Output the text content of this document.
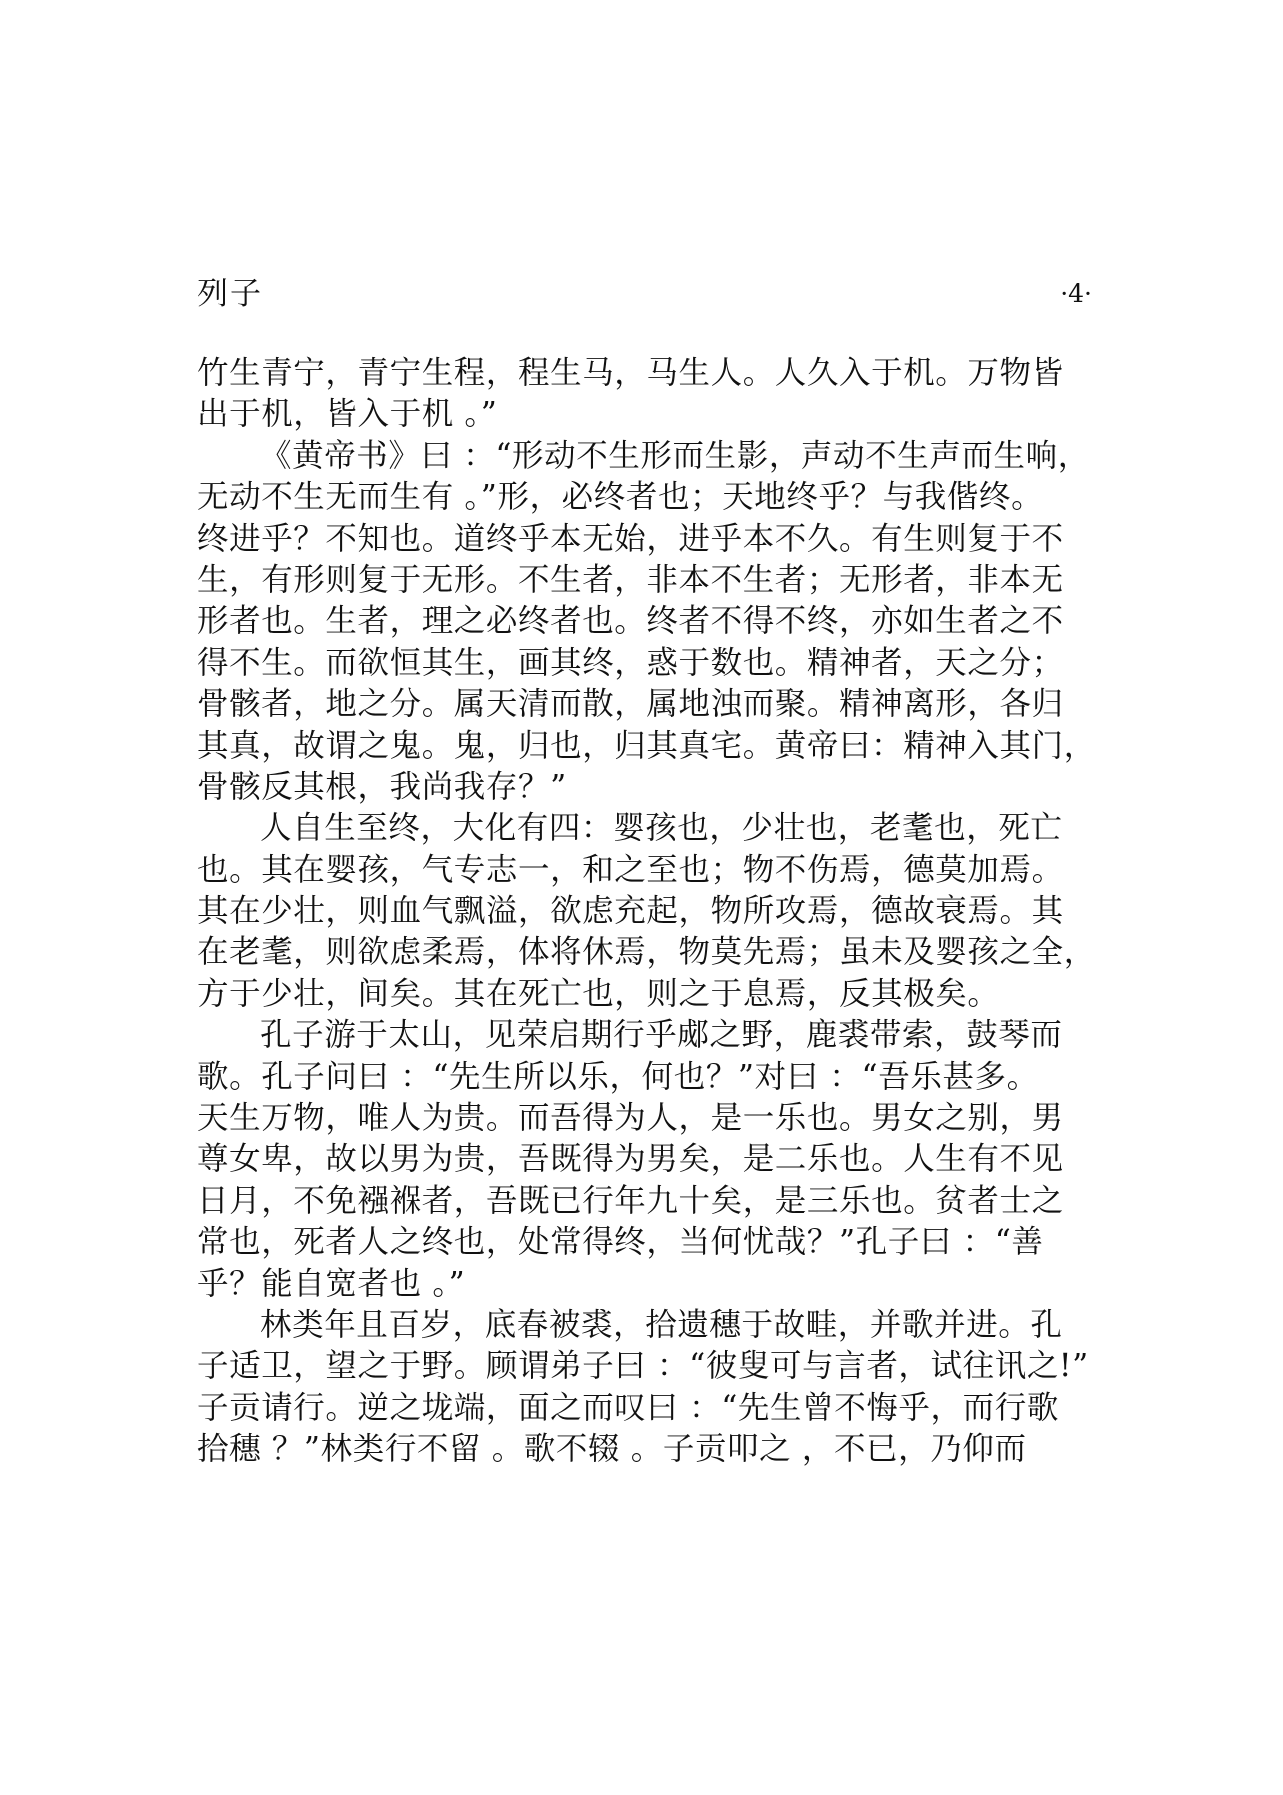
列子	·4·
竹生青宁，青宁生程，程生马，马生人。人久入于机。万物皆
出于机，皆入于机 。”
《黄帝书》曰 ：“形动不生形而生影，声动不生声而生响，
无动不生无而生有 。”形，必终者也；天地终乎？与我偕终。
终进乎？不知也。道终乎本无始，进乎本不久。有生则复于不
生，有形则复于无形。不生者，非本不生者；无形者，非本无
形者也。生者，理之必终者也。终者不得不终，亦如生者之不
得不生。而欲恒其生，画其终，惑于数也。精神者，天之分；
骨骸者，地之分。属天清而散，属地浊而聚。精神离形，各归
其真，故谓之鬼。鬼，归也，归其真宅。黄帝曰：精神入其门，
骨骸反其根，我尚我存？”
人自生至终，大化有四：婴孩也，少壮也，老耄也，死亡
也。其在婴孩，气专志一，和之至也；物不伤焉，德莫加焉。
其在少壮，则血气飘溢，欲虑充起，物所攻焉，德故衰焉。其
在老耄，则欲虑柔焉，体将休焉，物莫先焉；虽未及婴孩之全，
方于少壮，间矣。其在死亡也，则之于息焉，反其极矣。
孔子游于太山，见荣启期行乎郕之野，鹿裘带索，鼓琴而
歌。孔子问曰 ：“先生所以乐，何也？”对曰 ：“吾乐甚多。
天生万物，唯人为贵。而吾得为人，是一乐也。男女之别，男
尊女卑，故以男为贵，吾既得为男矣，是二乐也。人生有不见
日月，不免襁褓者，吾既已行年九十矣，是三乐也。贫者士之
常也，死者人之终也，处常得终，当何忧哉？”孔子曰 ：“善
乎？能自宽者也 。”
林类年且百岁，底春被裘，拾遗穗于故畦，并歌并进。孔
子适卫，望之于野。顾谓弟子曰 ：“彼叟可与言者，试往讯之!”
子贡请行。逆之垅端，面之而叹曰 ：“先生曾不悔乎，而行歌
拾穗 ？”林类行不留 。歌不辍 。子贡叩之 ，不已，乃仰而
